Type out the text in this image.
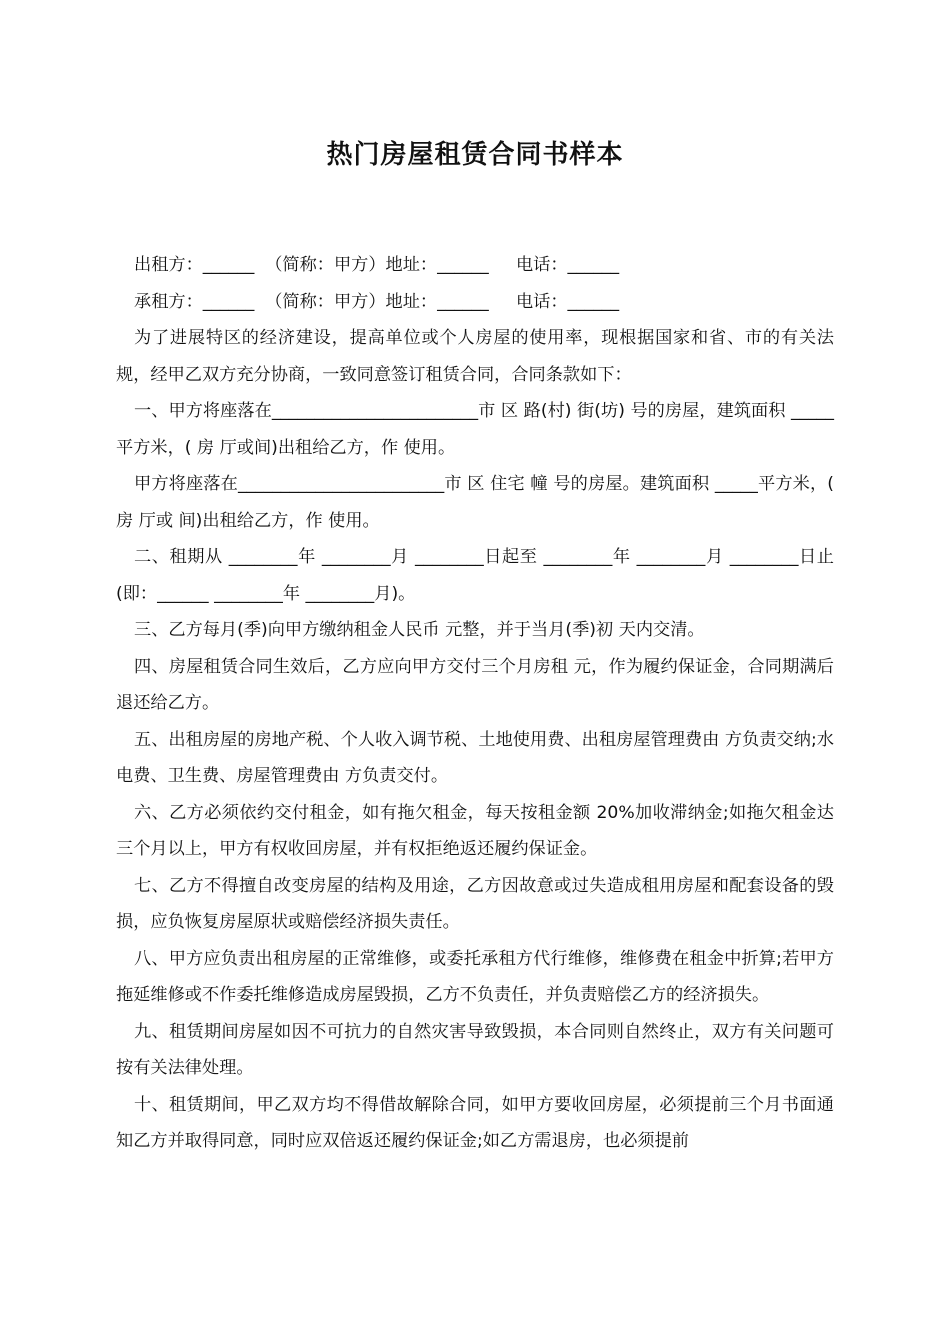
热门房屋租赁合同书样本

出租方：______  （简称：甲方）地址：______     电话：______

承租方：______  （简称：甲方）地址：______     电话：______

为了进展特区的经济建设，提高单位或个人房屋的使用率，现根据国家和省、市的有关法规，经甲乙双方充分协商，一致同意签订租赁合同，合同条款如下：

一、甲方将座落在________________________市 区 路(村) 街(坊) 号的房屋，建筑面积 _____平方米，( 房 厅或间)出租给乙方，作 使用。

甲方将座落在________________________市 区 住宅 幢 号的房屋。建筑面积 _____平方米，( 房 厅或 间)出租给乙方，作 使用。

二、租期从 ________年 ________月 ________日起至 ________年 ________月 ________日止(即：______ ________年 ________月)。

三、乙方每月(季)向甲方缴纳租金人民币 元整，并于当月(季)初 天内交清。

四、房屋租赁合同生效后，乙方应向甲方交付三个月房租 元，作为履约保证金，合同期满后退还给乙方。

五、出租房屋的房地产税、个人收入调节税、土地使用费、出租房屋管理费由 方负责交纳;水电费、卫生费、房屋管理费由 方负责交付。

六、乙方必须依约交付租金，如有拖欠租金，每天按租金额 20%加收滞纳金;如拖欠租金达三个月以上，甲方有权收回房屋，并有权拒绝返还履约保证金。

七、乙方不得擅自改变房屋的结构及用途，乙方因故意或过失造成租用房屋和配套设备的毁损，应负恢复房屋原状或赔偿经济损失责任。

八、甲方应负责出租房屋的正常维修，或委托承租方代行维修，维修费在租金中折算;若甲方拖延维修或不作委托维修造成房屋毁损，乙方不负责任，并负责赔偿乙方的经济损失。

九、租赁期间房屋如因不可抗力的自然灾害导致毁损，本合同则自然终止，双方有关问题可按有关法律处理。

十、租赁期间，甲乙双方均不得借故解除合同，如甲方要收回房屋，必须提前三个月书面通知乙方并取得同意，同时应双倍返还履约保证金;如乙方需退房，也必须提前
